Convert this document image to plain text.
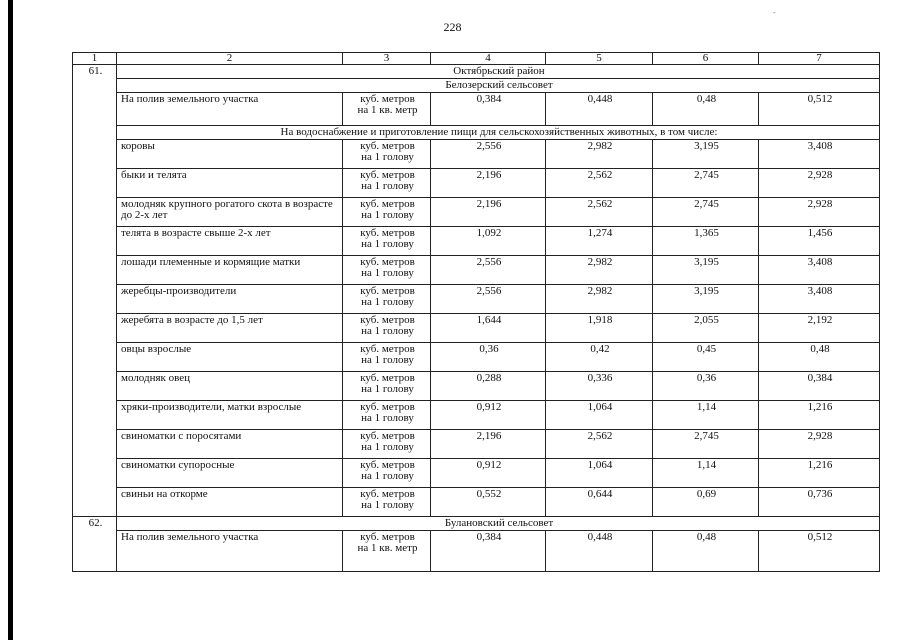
228
-
1	2	3	4	5	6	7
61.	Октябрьский район					
	Белозерский сельсовет					
	На полив земельного участка	куб. метров
на 1 кв. метр	0,384	0,448	0,48	0,512
	На водоснабжение и приготовление пищи для сельскохозяйственных животных, в том числе:					
	коровы	куб. метров
на 1 голову	2,556	2,982	3,195	3,408
	быки и телята	куб. метров
на 1 голову	2,196	2,562	2,745	2,928
	молодняк крупного рогатого скота в возрасте до 2-х лет	куб. метров
на 1 голову	2,196	2,562	2,745	2,928
	телята в возрасте свыше 2-х лет	куб. метров
на 1 голову	1,092	1,274	1,365	1,456
	лошади племенные и кормящие матки	куб. метров
на 1 голову	2,556	2,982	3,195	3,408
	жеребцы-производители	куб. метров
на 1 голову	2,556	2,982	3,195	3,408
	жеребята в возрасте до 1,5 лет	куб. метров
на 1 голову	1,644	1,918	2,055	2,192
	овцы взрослые	куб. метров
на 1 голову	0,36	0,42	0,45	0,48
	молодняк овец	куб. метров
на 1 голову	0,288	0,336	0,36	0,384
	хряки-производители, матки взрослые	куб. метров
на 1 голову	0,912	1,064	1,14	1,216
	свиноматки с поросятами	куб. метров
на 1 голову	2,196	2,562	2,745	2,928
	свиноматки супоросные	куб. метров
на 1 голову	0,912	1,064	1,14	1,216
	свиньи на откорме	куб. метров
на 1 голову	0,552	0,644	0,69	0,736
62.	Булановский сельсовет					
	На полив земельного участка	куб. метров
на 1 кв. метр	0,384	0,448	0,48	0,512
